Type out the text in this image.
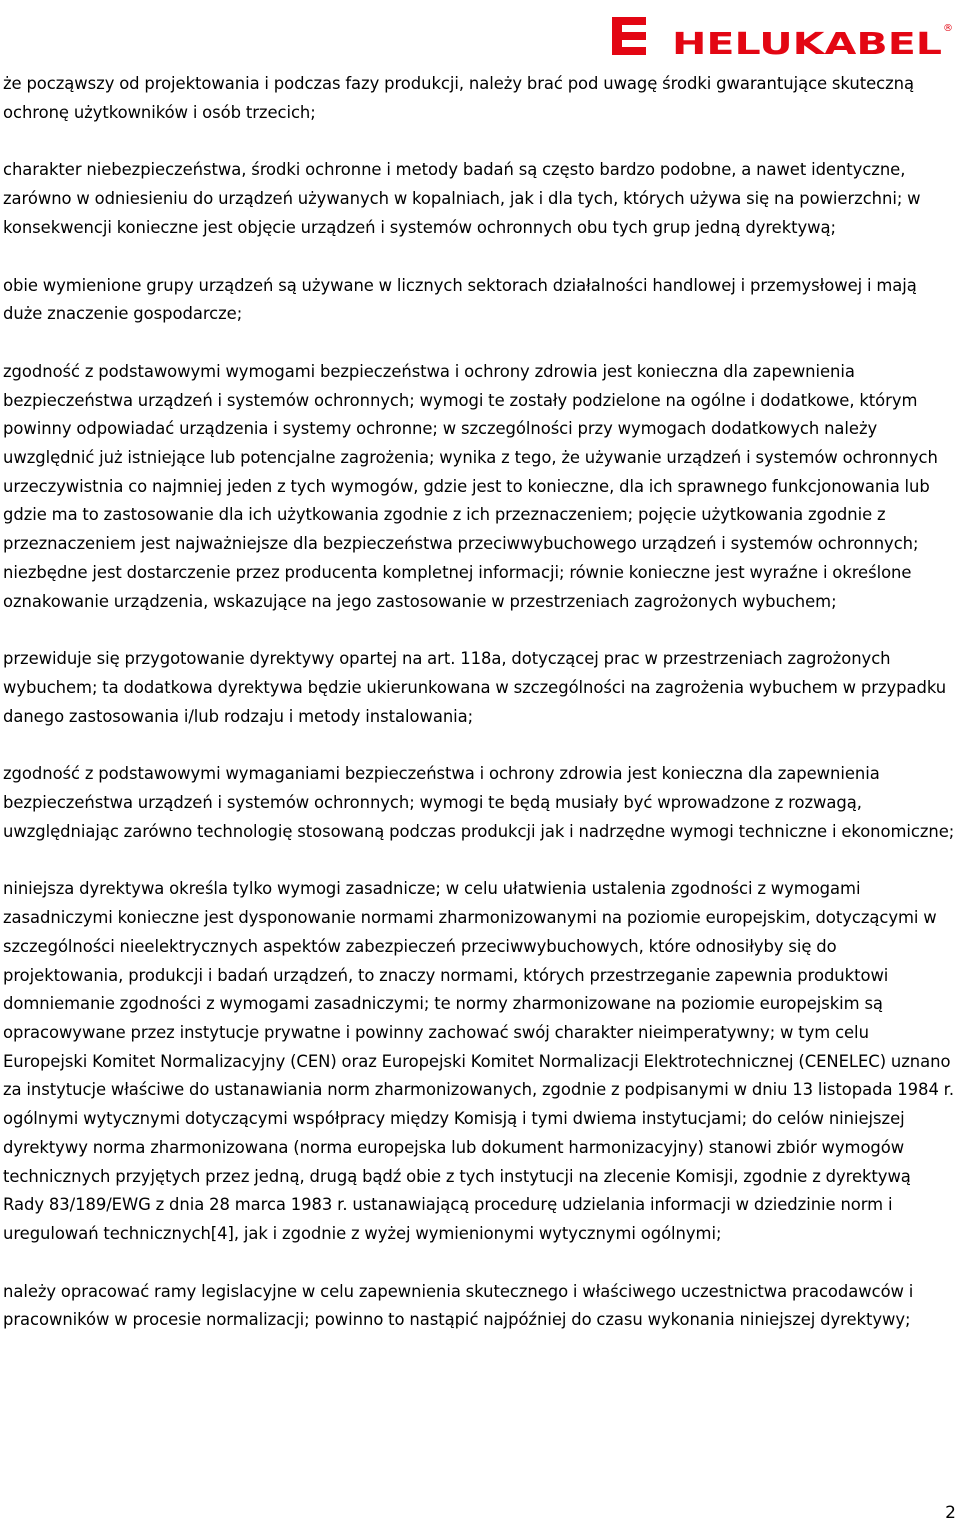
HELUKABEL ®

że począwszy od projektowania i podczas fazy produkcji, należy brać pod uwagę środki gwarantujące skuteczną ochronę użytkowników i osób trzecich;

charakter niebezpieczeństwa, środki ochronne i metody badań są często bardzo podobne, a nawet identyczne, zarówno w odniesieniu do urządzeń używanych w kopalniach, jak i dla tych, których używa się na powierzchni; w konsekwencji konieczne jest objęcie urządzeń i systemów ochronnych obu tych grup jedną dyrektywą;

obie wymienione grupy urządzeń są używane w licznych sektorach działalności handlowej i przemysłowej i mają duże znaczenie gospodarcze;

zgodność z podstawowymi wymogami bezpieczeństwa i ochrony zdrowia jest konieczna dla zapewnienia bezpieczeństwa urządzeń i systemów ochronnych; wymogi te zostały podzielone na ogólne i dodatkowe, którym powinny odpowiadać urządzenia i systemy ochronne; w szczególności przy wymogach dodatkowych należy uwzględnić już istniejące lub potencjalne zagrożenia; wynika z tego, że używanie urządzeń i systemów ochronnych urzeczywistnia co najmniej jeden z tych wymogów, gdzie jest to konieczne, dla ich sprawnego funkcjonowania lub gdzie ma to zastosowanie dla ich użytkowania zgodnie z ich przeznaczeniem; pojęcie użytkowania zgodnie z przeznaczeniem jest najważniejsze dla bezpieczeństwa przeciwwybuchowego urządzeń i systemów ochronnych; niezbędne jest dostarczenie przez producenta kompletnej informacji; równie konieczne jest wyraźne i określone oznakowanie urządzenia, wskazujące na jego zastosowanie w przestrzeniach zagrożonych wybuchem;

przewiduje się przygotowanie dyrektywy opartej na art. 118a, dotyczącej prac w przestrzeniach zagrożonych wybuchem; ta dodatkowa dyrektywa będzie ukierunkowana w szczególności na zagrożenia wybuchem w przypadku danego zastosowania i/lub rodzaju i metody instalowania;

zgodność z podstawowymi wymaganiami bezpieczeństwa i ochrony zdrowia jest konieczna dla zapewnienia bezpieczeństwa urządzeń i systemów ochronnych; wymogi te będą musiały być wprowadzone z rozwagą, uwzględniając zarówno technologię stosowaną podczas produkcji jak i nadrzędne wymogi techniczne i ekonomiczne;

niniejsza dyrektywa określa tylko wymogi zasadnicze; w celu ułatwienia ustalenia zgodności z wymogami zasadniczymi konieczne jest dysponowanie normami zharmonizowanymi na poziomie europejskim, dotyczącymi w szczególności nieelektrycznych aspektów zabezpieczeń przeciwwybuchowych, które odnosiłyby się do projektowania, produkcji i badań urządzeń, to znaczy normami, których przestrzeganie zapewnia produktowi domniemanie zgodności z wymogami zasadniczymi; te normy zharmonizowane na poziomie europejskim są opracowywane przez instytucje prywatne i powinny zachować swój charakter nieimperatywny; w tym celu Europejski Komitet Normalizacyjny (CEN) oraz Europejski Komitet Normalizacji Elektrotechnicznej (CENELEC) uznano za instytucje właściwe do ustanawiania norm zharmonizowanych, zgodnie z podpisanymi w dniu 13 listopada 1984 r. ogólnymi wytycznymi dotyczącymi współpracy między Komisją i tymi dwiema instytucjami; do celów niniejszej dyrektywy norma zharmonizowana (norma europejska lub dokument harmonizacyjny) stanowi zbiór wymogów technicznych przyjętych przez jedną, drugą bądź obie z tych instytucji na zlecenie Komisji, zgodnie z dyrektywą Rady 83/189/EWG z dnia 28 marca 1983 r. ustanawiającą procedurę udzielania informacji w dziedzinie norm i uregulowań technicznych[4], jak i zgodnie z wyżej wymienionymi wytycznymi ogólnymi;

należy opracować ramy legislacyjne w celu zapewnienia skutecznego i właściwego uczestnictwa pracodawców i pracowników w procesie normalizacji; powinno to nastąpić najpóźniej do czasu wykonania niniejszej dyrektywy;

2
